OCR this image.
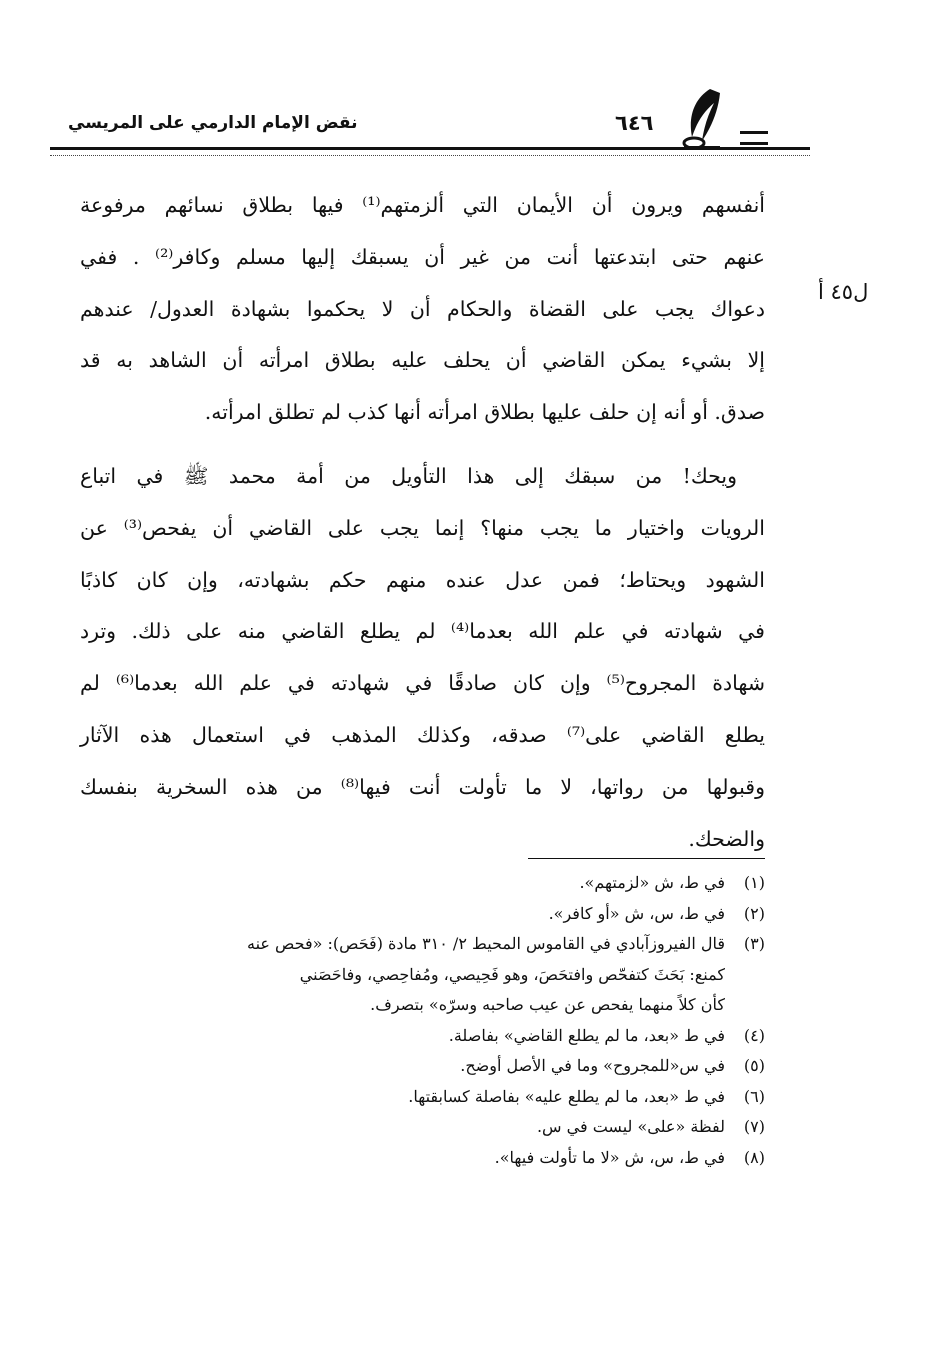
نقض الإمام الدارمي على المريسي	٦٤٦
ل٤٥ أ

أنفسهم ويرون أن الأيمان التي ألزمتهم⁽¹⁾ فيها بطلاق نسائهم مرفوعة
عنهم حتى ابتدعتها أنت من غير أن يسبقك إليها مسلم وكافر⁽²⁾ . ففي
دعواك يجب على القضاة والحكام أن لا يحكموا بشهادة العدول/ عندهم
إلا بشيء يمكن القاضي أن يحلف عليه بطلاق امرأته أن الشاهد به قد
صدق. أو أنه إن حلف عليها بطلاق امرأته أنها كذب لم تطلق امرأته.

ويحك! من سبقك إلى هذا التأويل من أمة محمد ﷺ في اتباع
الرويات واختيار ما يجب منها؟ إنما يجب على القاضي أن يفحص⁽³⁾ عن
الشهود ويحتاط؛ فمن عدل عنده منهم حكم بشهادته، وإن كان كاذبًا
في شهادته في علم الله بعدما⁽⁴⁾ لم يطلع القاضي منه على ذلك. وترد
شهادة المجروح⁽⁵⁾ وإن كان صادقًا في شهادته في علم الله بعدما⁽⁶⁾ لم
يطلع القاضي على⁽⁷⁾ صدقه، وكذلك المذهب في استعمال هذه الآثار
وقبولها من رواتها، لا ما تأولت أنت فيها⁽⁸⁾ من هذه السخرية بنفسك
والضحك.

(١)في ط، ش «لزمتهم».
(٢)في ط، س، ش «أو كافر».
(٣)قال الفيروزآبادي في القاموس المحيط ٢/ ٣١٠ مادة (فَحَص): «فحص عنه
كمنع: بَحَثَ كتفحّص وافتحَصَ، وهو فَحِيصي، ومُفاحِصي، وفاحَصَني
كأن كلاً منهما يفحص عن عيب صاحبه وسرّه» بتصرف.
(٤)في ط «بعد، ما لم يطلع القاضي» بفاصلة.
(٥)في س«للمجروح» وما في الأصل أوضح.
(٦)في ط «بعد، ما لم يطلع عليه» بفاصلة كسابقتها.
(٧)لفظة «على» ليست في س.
(٨)في ط، س، ش «لا ما تأولت فيها».
